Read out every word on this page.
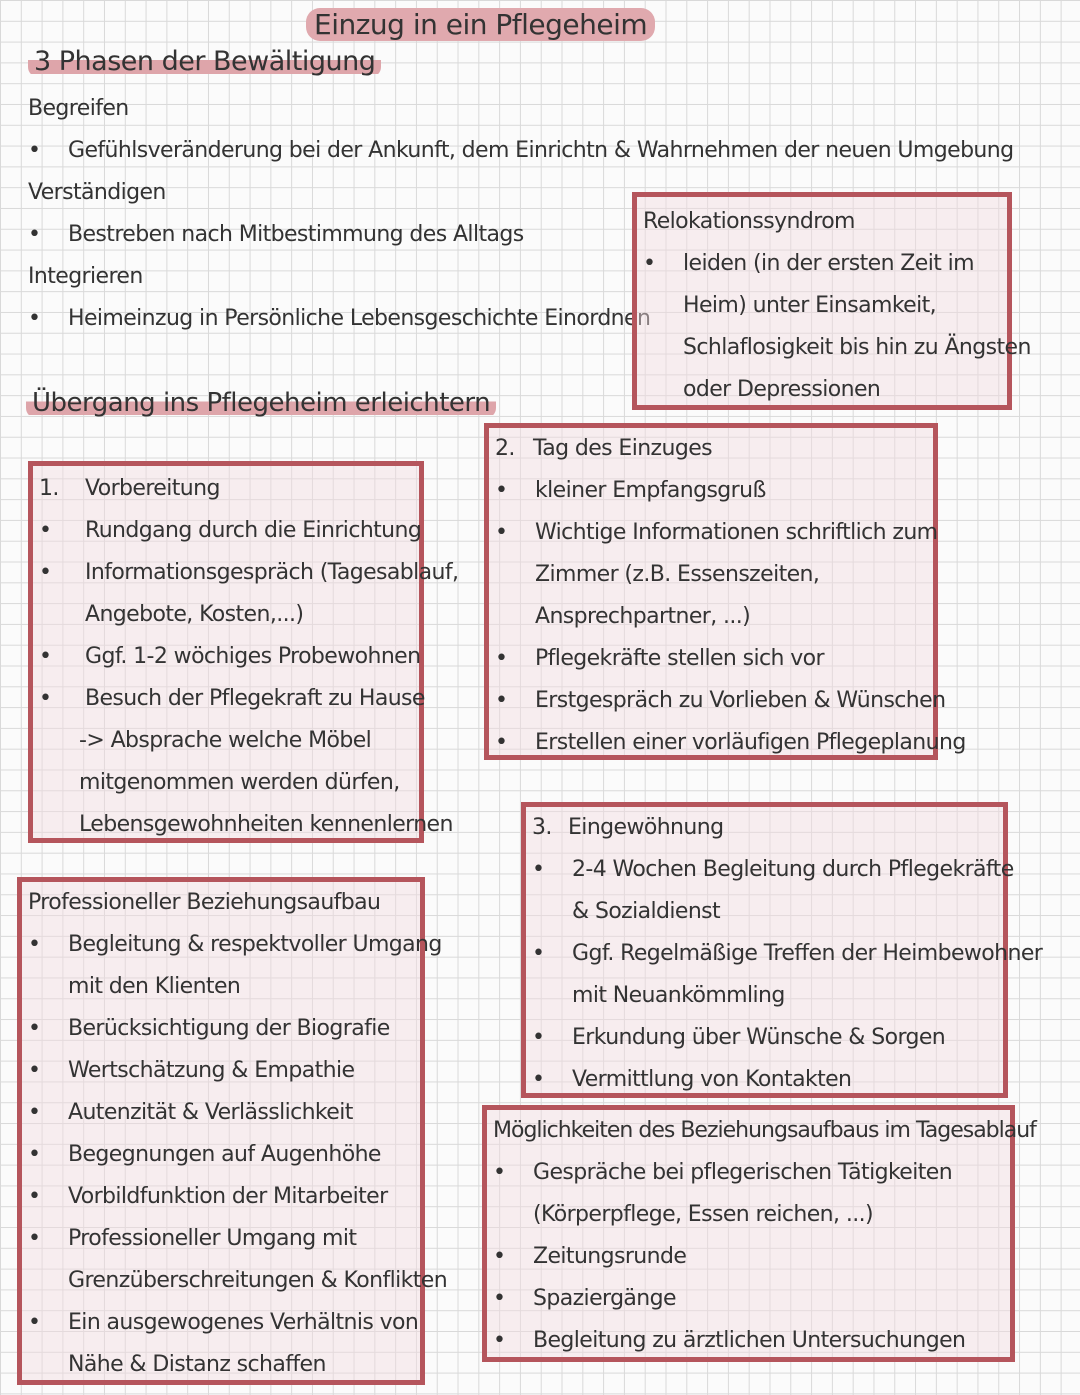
Einzug in ein Pflegeheim
3 Phasen der Bewältigung
Begreifen
• Gefühlsveränderung bei der Ankunft, dem Einrichtn & Wahrnehmen der neuen Umgebung
Verständigen
• Bestreben nach Mitbestimmung des Alltags
Integrieren
• Heimeinzug in Persönliche Lebensgeschichte Einordnen
Relokationssyndrom
• leiden (in der ersten Zeit im
Heim) unter Einsamkeit,
Schlaflosigkeit bis hin zu Ängsten
oder Depressionen
Übergang ins Pflegeheim erleichtern
1. Vorbereitung
• Rundgang durch die Einrichtung
• Informationsgespräch (Tagesablauf,
Angebote, Kosten,...)
• Ggf. 1-2 wöchiges Probewohnen
• Besuch der Pflegekraft zu Hause
-> Absprache welche Möbel
mitgenommen werden dürfen,
Lebensgewohnheiten kennenlernen
2. Tag des Einzuges
• kleiner Empfangsgruß
• Wichtige Informationen schriftlich zum
Zimmer (z.B. Essenszeiten,
Ansprechpartner, ...)
• Pflegekräfte stellen sich vor
• Erstgespräch zu Vorlieben & Wünschen
• Erstellen einer vorläufigen Pflegeplanung
3. Eingewöhnung
• 2-4 Wochen Begleitung durch Pflegekräfte
& Sozialdienst
• Ggf. Regelmäßige Treffen der Heimbewohner
mit Neuankömmling
• Erkundung über Wünsche & Sorgen
• Vermittlung von Kontakten
Professioneller Beziehungsaufbau
• Begleitung & respektvoller Umgang
mit den Klienten
• Berücksichtigung der Biografie
• Wertschätzung & Empathie
• Autenzität & Verlässlichkeit
• Begegnungen auf Augenhöhe
• Vorbildfunktion der Mitarbeiter
• Professioneller Umgang mit
Grenzüberschreitungen & Konflikten
• Ein ausgewogenes Verhältnis von
Nähe & Distanz schaffen
Möglichkeiten des Beziehungsaufbaus im Tagesablauf
• Gespräche bei pflegerischen Tätigkeiten
(Körperpflege, Essen reichen, ...)
• Zeitungsrunde
• Spaziergänge
• Begleitung zu ärztlichen Untersuchungen
